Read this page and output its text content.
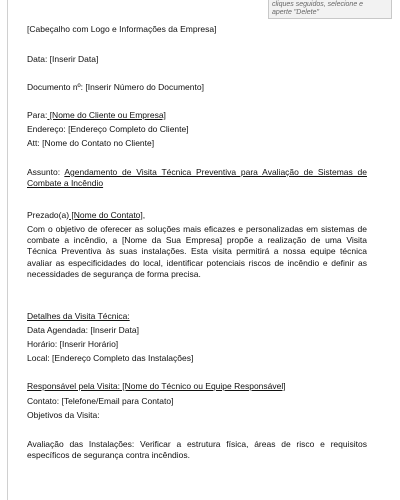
cliques seguidos, selecione e
aperte "Delete"
[Cabeçalho com Logo e Informações da Empresa]
Data: [Inserir Data]
Documento nº: [Inserir Número do Documento]
Para: [Nome do Cliente ou Empresa]
Endereço: [Endereço Completo do Cliente]
Att: [Nome do Contato no Cliente]
Assunto: Agendamento de Visita Técnica Preventiva para Avaliação de Sistemas de Combate a Incêndio
Prezado(a) [Nome do Contato],
Com o objetivo de oferecer as soluções mais eficazes e personalizadas em sistemas de combate a incêndio, a [Nome da Sua Empresa] propõe a realização de uma Visita Técnica Preventiva às suas instalações. Esta visita permitirá a nossa equipe técnica avaliar as especificidades do local, identificar potenciais riscos de incêndio e definir as necessidades de segurança de forma precisa.
Detalhes da Visita Técnica:
Data Agendada: [Inserir Data]
Horário: [Inserir Horário]
Local: [Endereço Completo das Instalações]
Responsável pela Visita: [Nome do Técnico ou Equipe Responsável]
Contato: [Telefone/Email para Contato]
Objetivos da Visita:
Avaliação das Instalações: Verificar a estrutura física, áreas de risco e requisitos específicos de segurança contra incêndios.
